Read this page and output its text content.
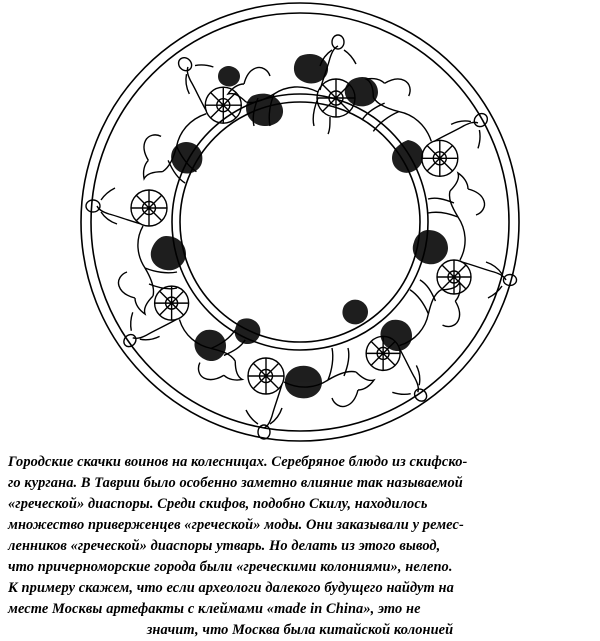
Городские скачки воинов на колесницах. Серебряное блюдо из скифско-
го кургана. В Таврии было особенно заметно влияние так называемой
«греческой» диаспоры. Среди скифов, подобно Скилу, находилось
множество приверженцев «греческой» моды. Они заказывали у ремес-
ленников «греческой» диаспоры утварь. Но делать из этого вывод,
что причерноморские города были «греческими колониями», нелепо.
К примеру скажем, что если археологи далекого будущего найдут на
месте Москвы артефакты с клеймами «made in China», это не
значит, что Москва была китайской колонией
